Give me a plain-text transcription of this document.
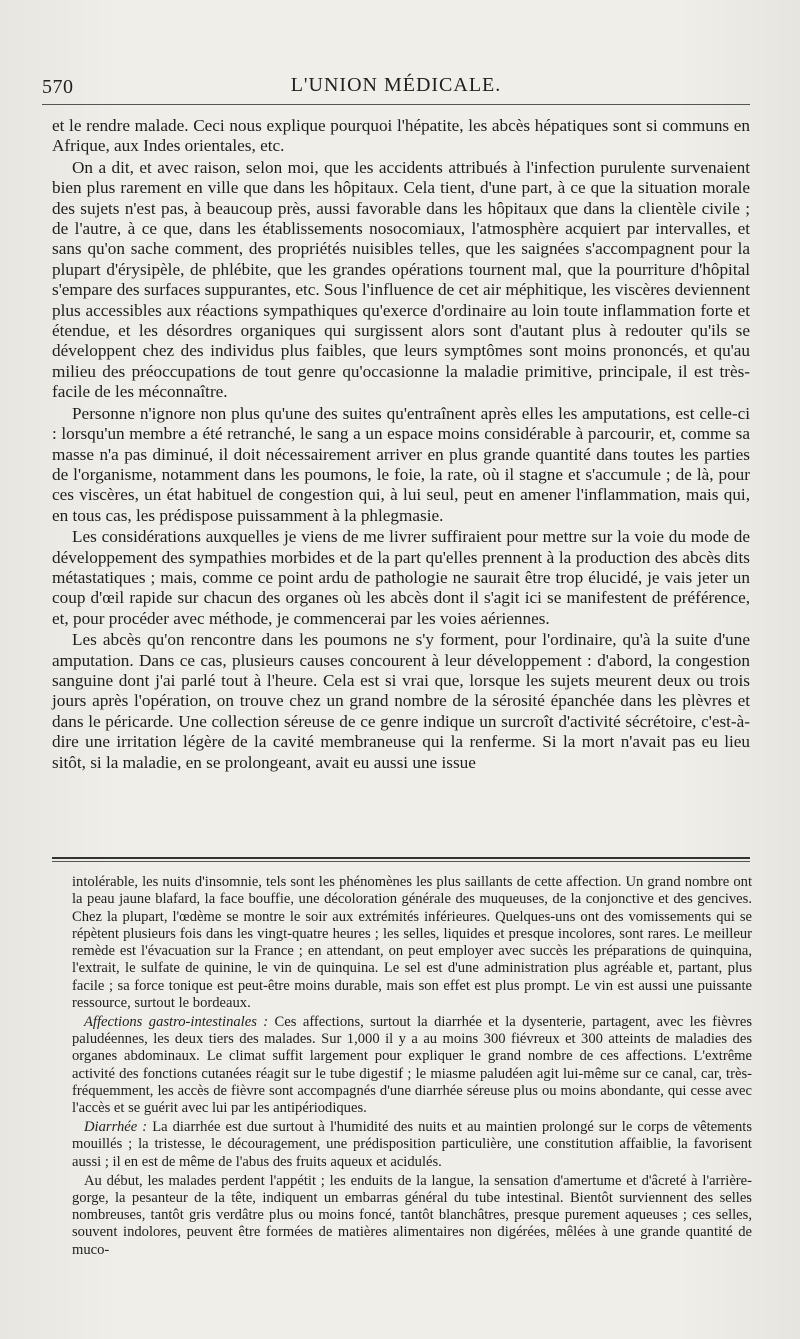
570	L'UNION MÉDICALE.

et le rendre malade. Ceci nous explique pourquoi l'hépatite, les abcès hépatiques sont si communs en Afrique, aux Indes orientales, etc.

On a dit, et avec raison, selon moi, que les accidents attribués à l'infection purulente survenaient bien plus rarement en ville que dans les hôpitaux. Cela tient, d'une part, à ce que la situation morale des sujets n'est pas, à beaucoup près, aussi favorable dans les hôpitaux que dans la clientèle civile ; de l'autre, à ce que, dans les établissements nosocomiaux, l'atmosphère acquiert par intervalles, et sans qu'on sache comment, des propriétés nuisibles telles, que les saignées s'accompagnent pour la plupart d'érysipèle, de phlébite, que les grandes opérations tournent mal, que la pourriture d'hôpital s'empare des surfaces suppurantes, etc. Sous l'influence de cet air méphitique, les viscères deviennent plus accessibles aux réactions sympathiques qu'exerce d'ordinaire au loin toute inflammation forte et étendue, et les désordres organiques qui surgissent alors sont d'autant plus à redouter qu'ils se développent chez des individus plus faibles, que leurs symptômes sont moins prononcés, et qu'au milieu des préoccupations de tout genre qu'occasionne la maladie primitive, principale, il est très-facile de les méconnaître.

Personne n'ignore non plus qu'une des suites qu'entraînent après elles les amputations, est celle-ci : lorsqu'un membre a été retranché, le sang a un espace moins considérable à parcourir, et, comme sa masse n'a pas diminué, il doit nécessairement arriver en plus grande quantité dans toutes les parties de l'organisme, notamment dans les poumons, le foie, la rate, où il stagne et s'accumule ; de là, pour ces viscères, un état habituel de congestion qui, à lui seul, peut en amener l'inflammation, mais qui, en tous cas, les prédispose puissamment à la phlegmasie.

Les considérations auxquelles je viens de me livrer suffiraient pour mettre sur la voie du mode de développement des sympathies morbides et de la part qu'elles prennent à la production des abcès dits métastatiques ; mais, comme ce point ardu de pathologie ne saurait être trop élucidé, je vais jeter un coup d'œil rapide sur chacun des organes où les abcès dont il s'agit ici se manifestent de préférence, et, pour procéder avec méthode, je commencerai par les voies aériennes.

Les abcès qu'on rencontre dans les poumons ne s'y forment, pour l'ordinaire, qu'à la suite d'une amputation. Dans ce cas, plusieurs causes concourent à leur développement : d'abord, la congestion sanguine dont j'ai parlé tout à l'heure. Cela est si vrai que, lorsque les sujets meurent deux ou trois jours après l'opération, on trouve chez un grand nombre de la sérosité épanchée dans les plèvres et dans le péricarde. Une collection séreuse de ce genre indique un surcroît d'activité sécrétoire, c'est-à-dire une irritation légère de la cavité membraneuse qui la renferme. Si la mort n'avait pas eu lieu sitôt, si la maladie, en se prolongeant, avait eu aussi une issue

intolérable, les nuits d'insomnie, tels sont les phénomènes les plus saillants de cette affection. Un grand nombre ont la peau jaune blafard, la face bouffie, une décoloration générale des muqueuses, de la conjonctive et des gencives. Chez la plupart, l'œdème se montre le soir aux extrémités inférieures. Quelques-uns ont des vomissements qui se répètent plusieurs fois dans les vingt-quatre heures ; les selles, liquides et presque incolores, sont rares. Le meilleur remède est l'évacuation sur la France ; en attendant, on peut employer avec succès les préparations de quinquina, l'extrait, le sulfate de quinine, le vin de quinquina. Le sel est d'une administration plus agréable et, partant, plus facile ; sa force tonique est peut-être moins durable, mais son effet est plus prompt. Le vin est aussi une puissante ressource, surtout le bordeaux.

Affections gastro-intestinales : Ces affections, surtout la diarrhée et la dysenterie, partagent, avec les fièvres paludéennes, les deux tiers des malades. Sur 1,000 il y a au moins 300 fiévreux et 300 atteints de maladies des organes abdominaux. Le climat suffit largement pour expliquer le grand nombre de ces affections. L'extrême activité des fonctions cutanées réagit sur le tube digestif ; le miasme paludéen agit lui-même sur ce canal, car, très-fréquemment, les accès de fièvre sont accompagnés d'une diarrhée séreuse plus ou moins abondante, qui cesse avec l'accès et se guérit avec lui par les antipériodiques.

Diarrhée : La diarrhée est due surtout à l'humidité des nuits et au maintien prolongé sur le corps de vêtements mouillés ; la tristesse, le découragement, une prédisposition particulière, une constitution affaiblie, la favorisent aussi ; il en est de même de l'abus des fruits aqueux et acidulés.

Au début, les malades perdent l'appétit ; les enduits de la langue, la sensation d'amertume et d'âcreté à l'arrière-gorge, la pesanteur de la tête, indiquent un embarras général du tube intestinal. Bientôt surviennent des selles nombreuses, tantôt gris verdâtre plus ou moins foncé, tantôt blanchâtres, presque purement aqueuses ; ces selles, souvent indolores, peuvent être formées de matières alimentaires non digérées, mêlées à une grande quantité de muco-
